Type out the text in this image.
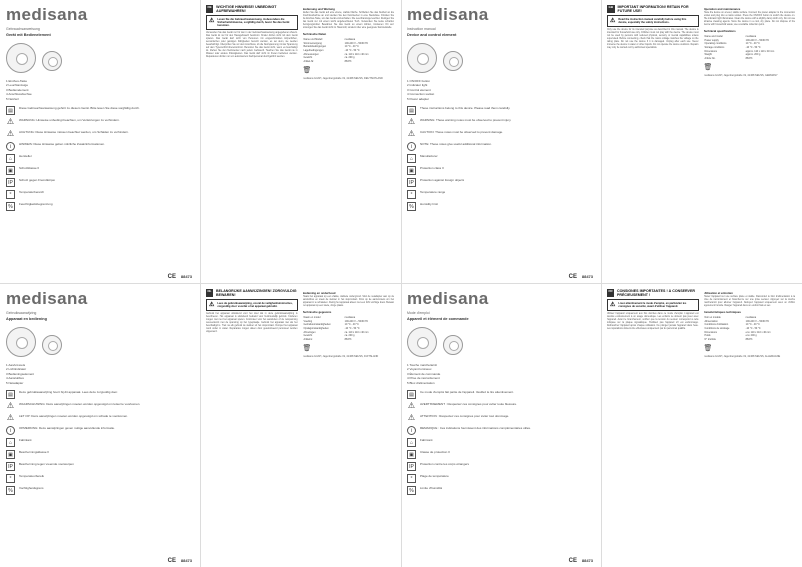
medisana
Gebrauchsanweisung
Gerät mit Bedienelement
1 Ein/Aus-Taste
2 Leuchtanzeige
3 Bedienelement
4 Anschlussbuchse
5 Netzteil
▤	Diese Gebrauchsanweisung gehört zu diesem Gerät. Bitte lesen Sie diese sorgfältig durch.
⚠	WARNUNG: Hinweise unbedingt beachten, um Verletzungen zu verhindern.
⚠	ACHTUNG: Diese Hinweise müssen beachtet werden, um Schäden zu verhindern.
i	HINWEIS: Diese Hinweise geben nützliche Zusatzinformationen.
⌂	Hersteller
▣	Schutzklasse II
IP	Schutz gegen Fremdkörper
°	Temperaturbereich
%	Feuchtigkeitsbegrenzung
CE 88473
DE	WICHTIGE HINWEISE! UNBEDINGT AUFBEWAHREN!
⚠ Lesen Sie die Gebrauchsanweisung, insbesondere die Sicherheitshinweise, sorgfältig durch, bevor Sie das Gerät benutzen.
Verwenden Sie das Gerät nur für den in der Gebrauchsanweisung angegebenen Zweck. Das Gerät ist nur für den Hausgebrauch bestimmt. Kinder dürfen nicht mit dem Gerät spielen. Das Gerät darf nicht von Personen mit eingeschränkten körperlichen, sensorischen oder geistigen Fähigkeiten benutzt werden, es sei denn, sie werden beaufsichtigt. Überprüfen Sie vor dem Anschluss, ob die Netzspannung mit der Spannung auf dem Typenschild übereinstimmt. Benutzen Sie das Gerät nicht, wenn es beschädigt ist. Ziehen Sie den Netzstecker nach jedem Gebrauch. Tauchen Sie das Gerät nie in Wasser oder andere Flüssigkeiten. Das Gerät darf nicht im Freien betrieben werden. Reparaturen dürfen nur von autorisiertem Fachpersonal durchgeführt werden.
Bedienung und Wartung
Stellen Sie das Gerät auf eine ebene, stabile Fläche. Schließen Sie das Netzteil an die Anschlussbuchse an und stecken Sie den Netzstecker in eine Steckdose. Drücken Sie die Ein/Aus-Taste, um das Gerät einzuschalten. Die Leuchtanzeige leuchtet. Reinigen Sie das Gerät nur mit einem leicht angefeuchteten Tuch. Verwenden Sie keine scharfen Reinigungsmittel. Bewahren Sie das Gerät an einem kühlen, trockenen Ort auf. Entsorgen Sie das Gerät nicht im Hausmüll, sondern über eine geeignete Sammelstelle.
Technische Daten
Name und Modell	medisana
Stromversorgung	100-240 V ~ 50/60 Hz
Betriebsbedingungen	10 °C - 40 °C
Lagerbedingungen	-10 °C - 50 °C
Abmessungen	ca. 110 x 110 x 40 mm
Gewicht	ca. 200 g
Artikel-Nr.	88473
🗑
medisana GmbH, Jagenbergstraße 19, 41468 NEUSS, DEUTSCHLAND
medisana
Instruction manual
Device and control element
1 ON/OFF button
2 Indicator light
3 Control element
4 Connection socket
5 Power adapter
▤	These instructions belong to this device. Please read them carefully.
⚠	WARNING: These warning notes must be observed to prevent injury.
⚠	CAUTION: These notes must be observed to prevent damage.
i	NOTE: These notes give useful additional information.
⌂	Manufacturer
▣	Protection class II
IP	Protection against foreign objects
°	Temperature range
%	Humidity limit
CE 88473
GB	IMPORTANT INFORMATION! RETAIN FOR FUTURE USE!
⚠ Read the instruction manual carefully before using this device, especially the safety instructions.
Only use the device for its intended purpose as described in this manual. The device is intended for household use only. Children must not play with the device. The device must not be used by persons with reduced physical, sensory or mental capabilities unless supervised. Before connecting, check that the mains voltage matches the voltage on the rating plate. Do not use the device if it is damaged. Unplug after each use. Never immerse the device in water or other liquids. Do not operate the device outdoors. Repairs may only be carried out by authorised specialists.
Operation and maintenance
Place the device on a level, stable surface. Connect the power adapter to the connection socket and plug into a mains socket. Press the ON/OFF button to switch the device on. The indicator light illuminates. Clean the device with a slightly damp cloth only. Do not use abrasive cleaning agents. Store the device in a cool, dry place. Do not dispose of the device with household waste; use a suitable collection point.
Technical specifications
Name and model	medisana
Power supply	100-240 V ~ 50/60 Hz
Operating conditions	10 °C - 40 °C
Storage conditions	-10 °C - 50 °C
Dimensions	approx. 110 x 110 x 40 mm
Weight	approx. 200 g
Article No.	88473
🗑
medisana GmbH, Jagenbergstraße 19, 41468 NEUSS, GERMANY
medisana
Gebruiksaanwijzing
Apparaat en bediening
1 Aan/uit-toets
2 Lichtindicator
3 Bedieningselement
4 Aansluitbus
5 Netadapter
▤	Deze gebruiksaanwijzing hoort bij dit apparaat. Lees deze zorgvuldig door.
⚠	WAARSCHUWING: Deze aanwijzingen moeten worden opgevolgd om letsel te voorkomen.
⚠	LET OP: Deze aanwijzingen moeten worden opgevolgd om schade te voorkomen.
i	OPMERKING: Deze aanwijzingen geven nuttige aanvullende informatie.
⌂	Fabrikant
▣	Beschermingsklasse II
IP	Bescherming tegen vreemde voorwerpen
°	Temperatuurbereik
%	Vochtigheidsgrens
CE 88473
NL	BELANGRIJKE AANWIJZINGEN! ZORGVULDIG BEWAREN!
⚠ Lees de gebruiksaanwijzing, vooral de veiligheidsinstructies, zorgvuldig door voordat u het apparaat gebruikt.
Gebruik het apparaat uitsluitend voor het doel dat in deze gebruiksaanwijzing is beschreven. Het apparaat is uitsluitend bedoeld voor huishoudelijk gebruik. Kinderen mogen niet met het apparaat spelen. Controleer voor het aansluiten of de netspanning overeenkomt met de spanning op het typeplaatje. Gebruik het apparaat niet als het beschadigd is. Trek na elk gebruik de stekker uit het stopcontact. Dompel het apparaat nooit onder in water. Reparaties mogen alleen door geautoriseerd personeel worden uitgevoerd.
Bediening en onderhoud
Plaats het apparaat op een vlakke, stabiele ondergrond. Sluit de netadapter aan op de aansluitbus en steek de stekker in het stopcontact. Druk op de aan/uit-toets om het apparaat in te schakelen. Reinig het apparaat alleen met een licht vochtige doek. Bewaar het apparaat op een koele, droge plaats.
Technische gegevens
Naam en model	medisana
Voeding	100-240 V ~ 50/60 Hz
Gebruiksomstandigheden	10 °C - 40 °C
Opslagomstandigheden	-10 °C - 50 °C
Afmetingen	ca. 110 x 110 x 40 mm
Gewicht	ca. 200 g
Artikelnr.	88473
🗑
medisana GmbH, Jagenbergstraße 19, 41468 NEUSS, DUITSLAND
medisana
Mode d'emploi
Appareil et élément de commande
1 Touche marche/arrêt
2 Voyant lumineux
3 Élément de commande
4 Prise de raccordement
5 Bloc d'alimentation
▤	Ce mode d'emploi fait partie de l'appareil. Veuillez le lire attentivement.
⚠	AVERTISSEMENT : Respectez ces consignes pour éviter toute blessure.
⚠	ATTENTION : Respectez ces consignes pour éviter tout dommage.
i	REMARQUE : Ces indications fournissent des informations complémentaires utiles.
⌂	Fabricant
▣	Classe de protection II
IP	Protection contre les corps étrangers
°	Plage de température
%	Limite d'humidité
CE 88473
FR	CONSIGNES IMPORTANTES ! À CONSERVER PRÉCIEUSEMENT !
⚠ Lisez attentivement le mode d'emploi, en particulier les consignes de sécurité, avant d'utiliser l'appareil.
Utilisez l'appareil uniquement aux fins décrites dans ce mode d'emploi. L'appareil est destiné exclusivement à un usage domestique. Les enfants ne doivent pas jouer avec l'appareil. Avant le branchement, vérifiez que la tension du secteur correspond à celle indiquée sur la plaque signalétique. N'utilisez pas l'appareil s'il est endommagé. Débranchez l'appareil après chaque utilisation. Ne plongez jamais l'appareil dans l'eau. Les réparations doivent être effectuées uniquement par du personnel qualifié.
Utilisation et entretien
Placez l'appareil sur une surface plane et stable. Raccordez le bloc d'alimentation à la prise de raccordement et branchez-le sur une prise secteur. Appuyez sur la touche marche/arrêt pour allumer l'appareil. Nettoyez l'appareil uniquement avec un chiffon légèrement humide. Rangez l'appareil dans un endroit frais et sec.
Caractéristiques techniques
Nom et modèle	medisana
Alimentation	100-240 V ~ 50/60 Hz
Conditions d'utilisation	10 °C - 40 °C
Conditions de stockage	-10 °C - 50 °C
Dimensions	env. 110 x 110 x 40 mm
Poids	env. 200 g
N° d'article	88473
🗑
medisana GmbH, Jagenbergstraße 19, 41468 NEUSS, ALLEMAGNE
